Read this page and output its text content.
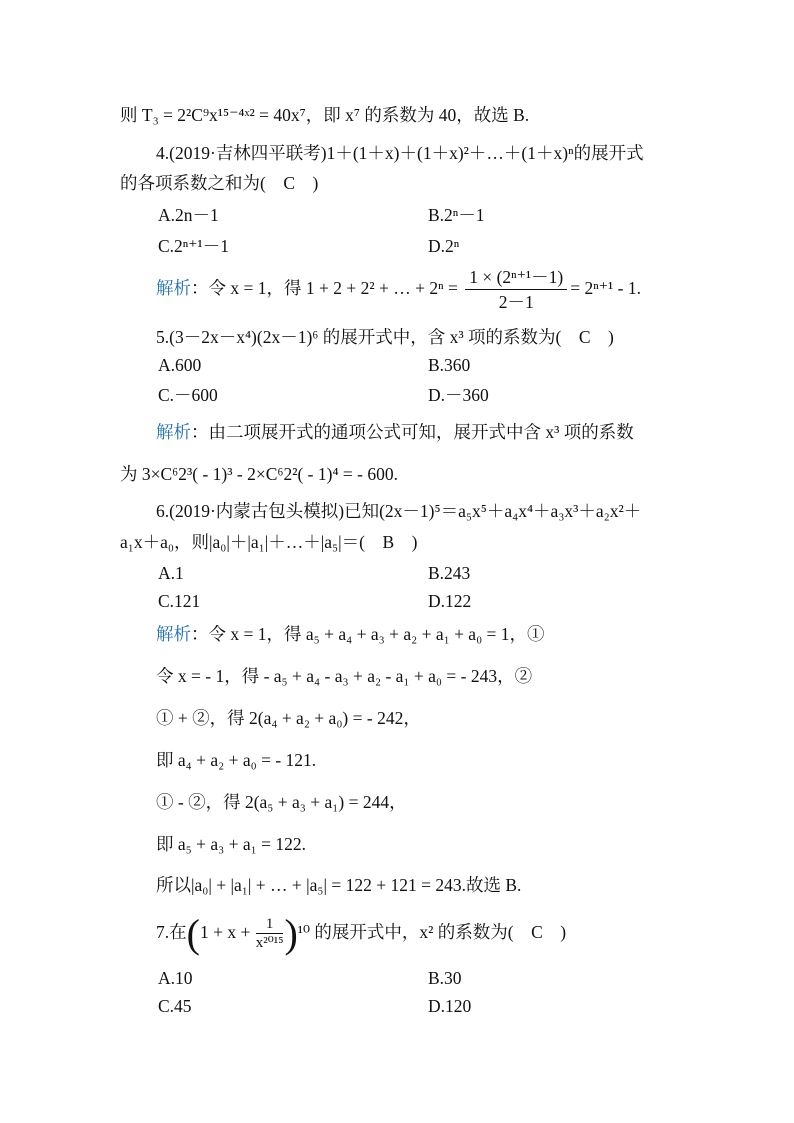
则 T₃ = 2²C⁹x¹⁵⁻⁴ˣ² = 40x⁷，即 x⁷ 的系数为 40，故选 B.
4.(2019·吉林四平联考)1＋(1＋x)＋(1＋x)²＋…＋(1＋x)ⁿ的展开式
的各项系数之和为(　C　)
A.2n－1	B.2ⁿ－1
C.2ⁿ⁺¹－1	D.2ⁿ
解析：令 x = 1，得 1 + 2 + 2² + … + $2^n = \frac{\text{1 × (2ⁿ⁺¹－1)}}{2-1} = 2^{n+1} - 1$.
5.(3－2x－x⁴)(2x－1)⁶ 的展开式中，含 x³ 项的系数为(　C　)
A.600	B.360
C.－600	D.－360
解析：由二项展开式的通项公式可知，展开式中含 x³ 项的系数
为 3×C⁶2³( - 1)³ - 2×C⁶2²( - 1)⁴ = - 600.
6.(2019·内蒙古包头模拟)已知(2x－1)⁵＝a₅x⁵＋a₄x⁴＋a₃x³＋a₂x²＋
a₁x＋a₀，则|a₀|＋|a₁|＋…＋|a₅|＝(　B　)
A.1	B.243
C.121	D.122
解析：令 x = 1，得 a₅ + a₄ + a₃ + a₂ + a₁ + a₀ = 1，①
令 x = - 1，得 - a₅ + a₄ - a₃ + a₂ - a₁ + a₀ = - 243，②
① + ②，得 2(a₄ + a₂ + a₀) = - 242，
即 a₄ + a₂ + a₀ = - 121.
① - ②，得 2(a₅ + a₃ + a₁) = 244，
即 a₅ + a₃ + a₁ = 122.
所以|a₀| + |a₁| + … + |a₅| = 122 + 121 = 243.故选 B.
7.在$(1 + x + \frac{1}{\text{x²⁰¹⁵}} )^{10}$ 的展开式中，x² 的系数为(　C　)
A.10	B.30
C.45	D.120
